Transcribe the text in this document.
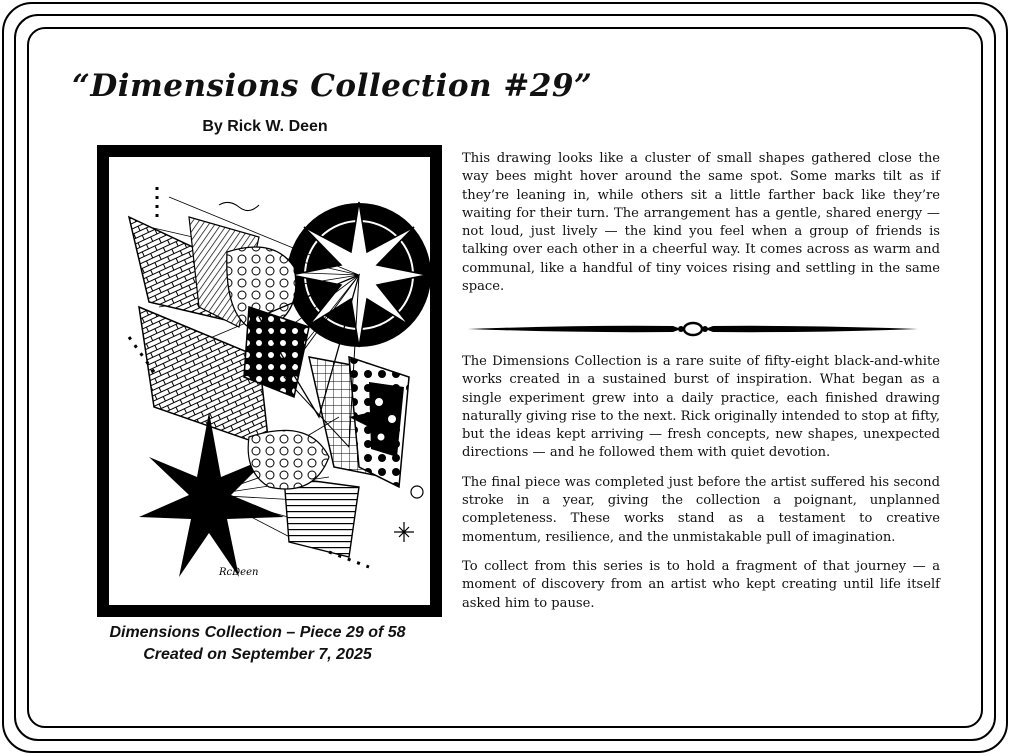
“Dimensions Collection #29”
By Rick W. Deen
RcDeen
Dimensions Collection – Piece 29 of 58
Created on September 7, 2025

This drawing looks like a cluster of small shapes gathered close the way bees might hover around the same spot. Some marks tilt as if they’re leaning in, while others sit a little farther back like they’re waiting for their turn. The arrangement has a gentle, shared energy — not loud, just lively — the kind you feel when a group of friends is talking over each other in a cheerful way. It comes across as warm and communal, like a handful of tiny voices rising and settling in the same space.

The Dimensions Collection is a rare suite of fifty-eight black-and-white works created in a sustained burst of inspiration. What began as a single experiment grew into a daily practice, each finished drawing naturally giving rise to the next. Rick originally intended to stop at fifty, but the ideas kept arriving — fresh concepts, new shapes, unexpected directions — and he followed them with quiet devotion.

The final piece was completed just before the artist suffered his second stroke in a year, giving the collection a poignant, unplanned completeness. These works stand as a testament to creative momentum, resilience, and the unmistakable pull of imagination.

To collect from this series is to hold a fragment of that journey — a moment of discovery from an artist who kept creating until life itself asked him to pause.
